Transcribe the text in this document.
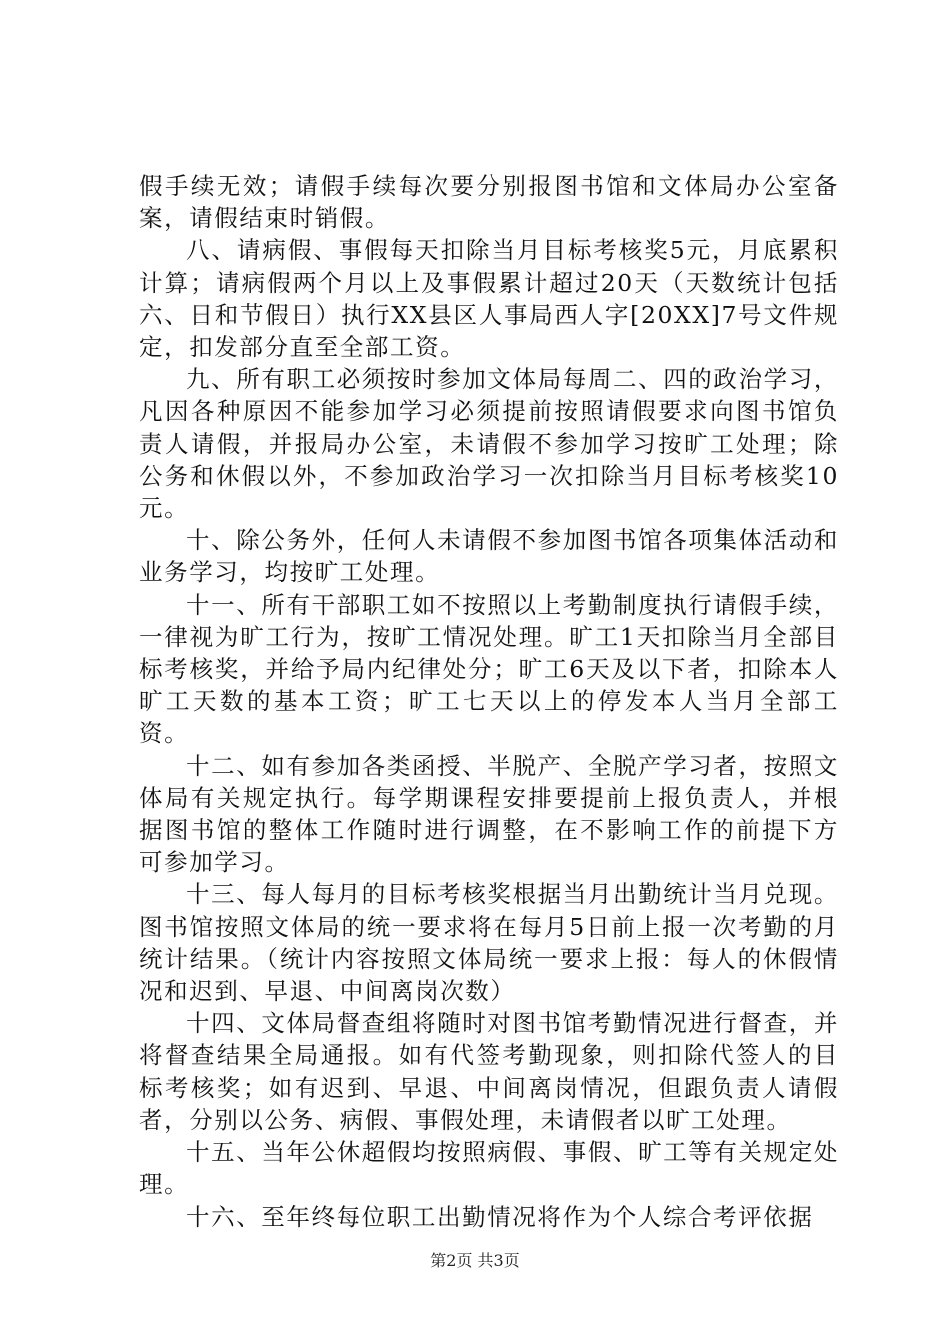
假手续无效；请假手续每次要分别报图书馆和文体局办公室备案，请假结束时销假。

八、请病假、事假每天扣除当月目标考核奖5元，月底累积计算；请病假两个月以上及事假累计超过20天（天数统计包括六、日和节假日）执行XX县区人事局西人字[20XX]7号文件规定，扣发部分直至全部工资。

九、所有职工必须按时参加文体局每周二、四的政治学习，凡因各种原因不能参加学习必须提前按照请假要求向图书馆负责人请假，并报局办公室，未请假不参加学习按旷工处理；除公务和休假以外，不参加政治学习一次扣除当月目标考核奖10元。

十、除公务外，任何人未请假不参加图书馆各项集体活动和业务学习，均按旷工处理。

十一、所有干部职工如不按照以上考勤制度执行请假手续，一律视为旷工行为，按旷工情况处理。旷工1天扣除当月全部目标考核奖，并给予局内纪律处分；旷工6天及以下者，扣除本人旷工天数的基本工资；旷工七天以上的停发本人当月全部工资。

十二、如有参加各类函授、半脱产、全脱产学习者，按照文体局有关规定执行。每学期课程安排要提前上报负责人，并根据图书馆的整体工作随时进行调整，在不影响工作的前提下方可参加学习。

十三、每人每月的目标考核奖根据当月出勤统计当月兑现。图书馆按照文体局的统一要求将在每月5日前上报一次考勤的月统计结果。（统计内容按照文体局统一要求上报：每人的休假情况和迟到、早退、中间离岗次数）

十四、文体局督查组将随时对图书馆考勤情况进行督查，并将督查结果全局通报。如有代签考勤现象，则扣除代签人的目标考核奖；如有迟到、早退、中间离岗情况，但跟负责人请假者，分别以公务、病假、事假处理，未请假者以旷工处理。

十五、当年公休超假均按照病假、事假、旷工等有关规定处理。

十六、至年终每位职工出勤情况将作为个人综合考评依据

第2页 共3页
